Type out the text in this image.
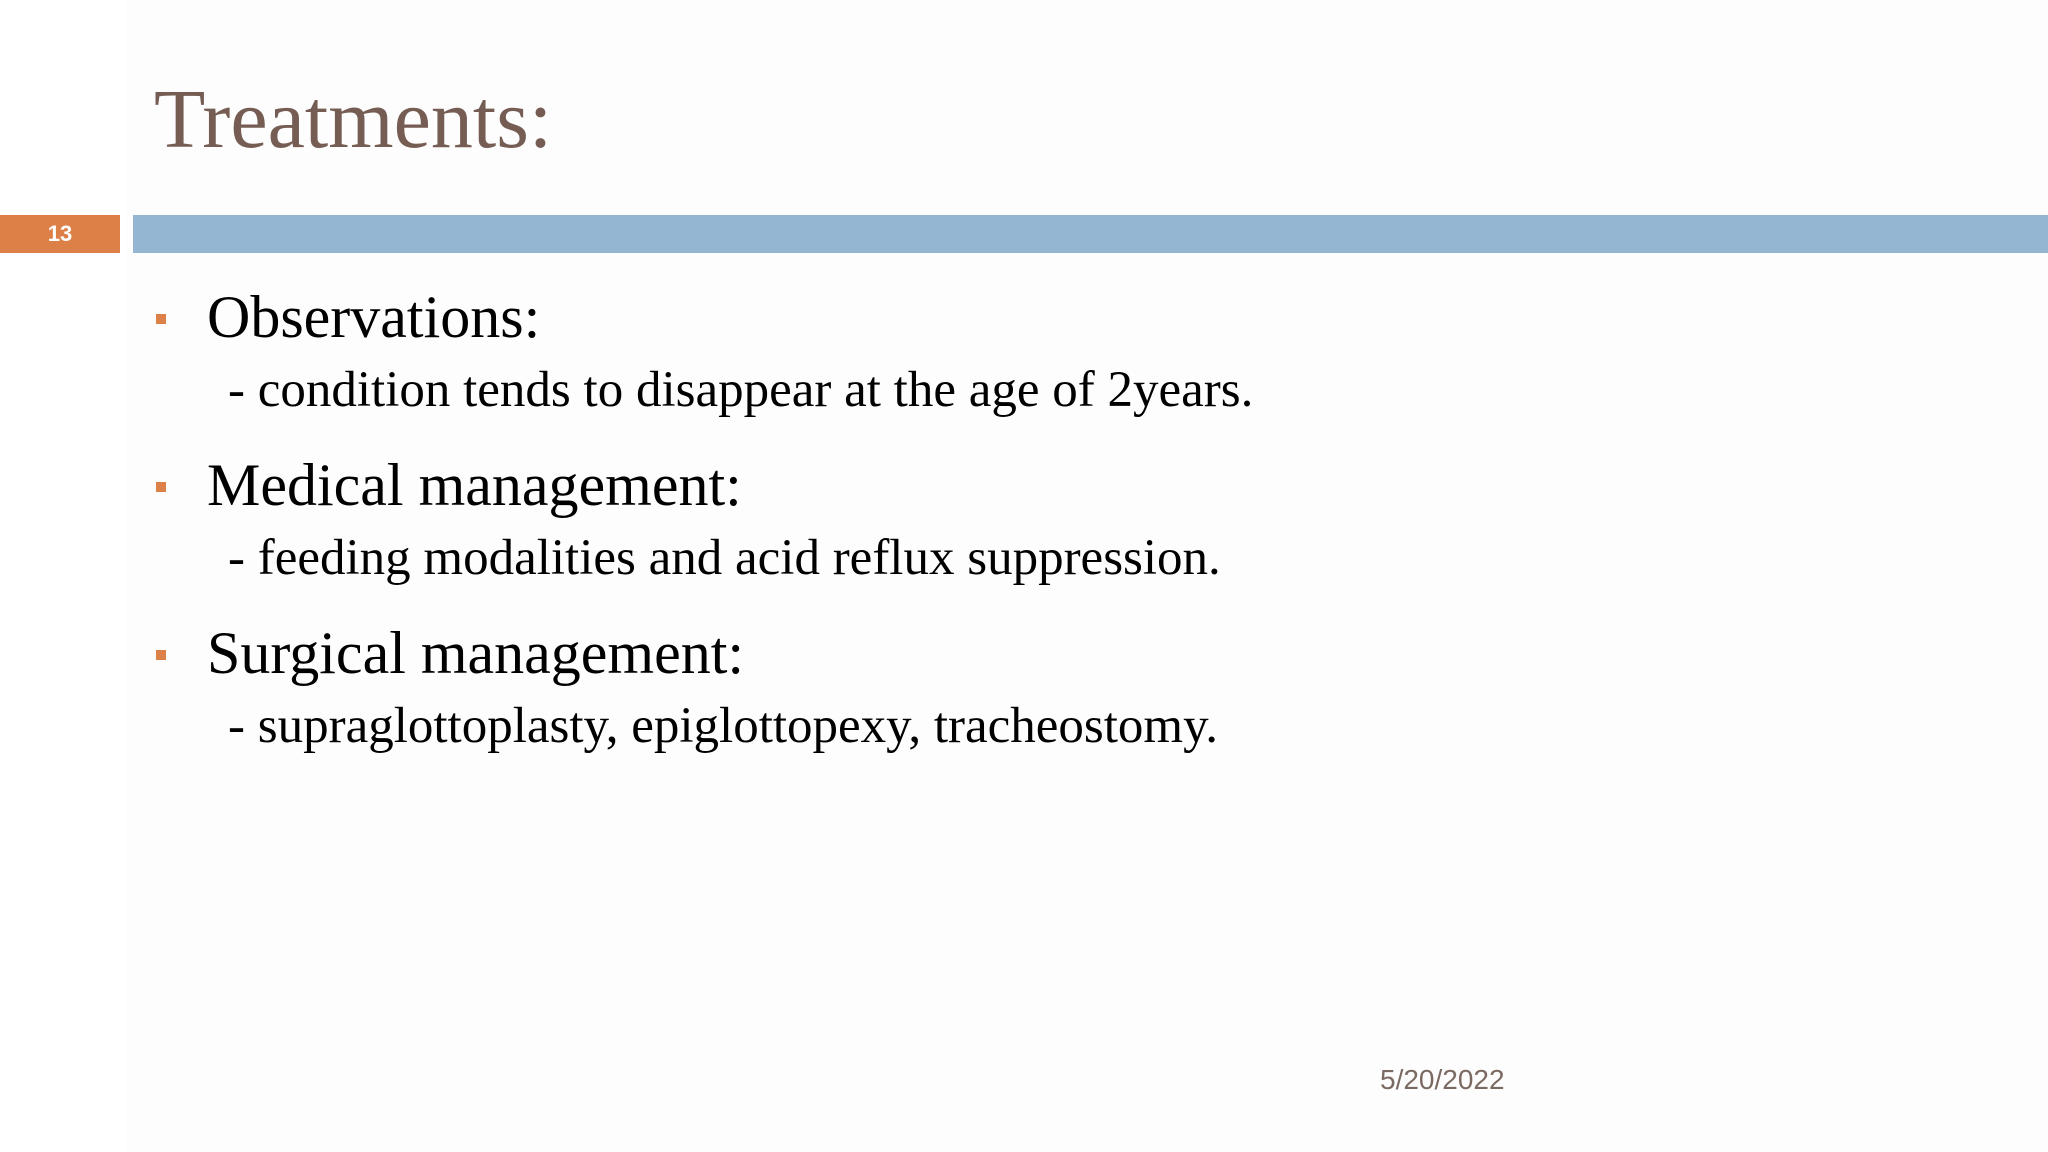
Treatments:
13
Observations:
- condition tends to disappear at the age of 2years.
Medical management:
- feeding modalities and acid reflux suppression.
Surgical management:
- supraglottoplasty, epiglottopexy, tracheostomy.
5/20/2022
